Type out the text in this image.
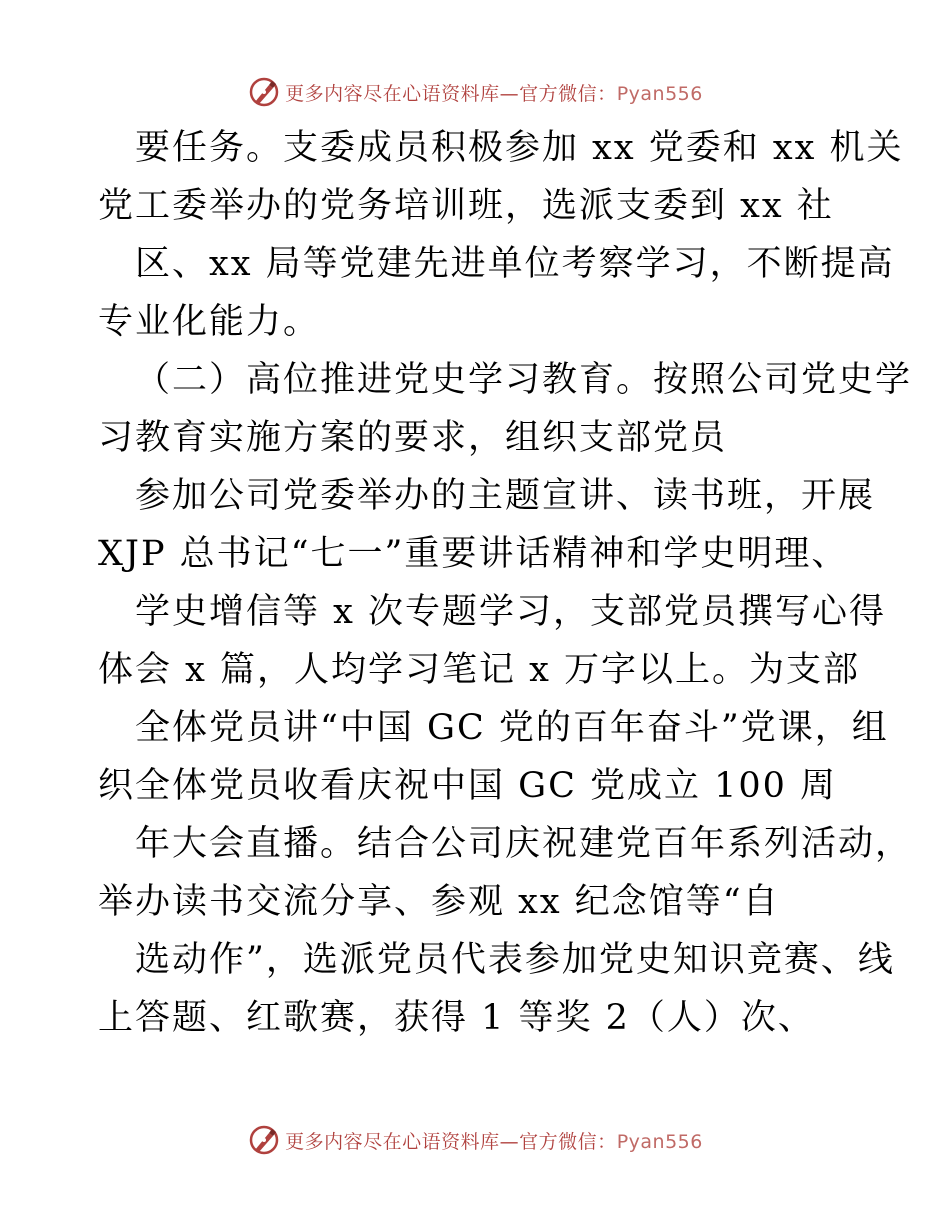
更多内容尽在心语资料库—官方微信：Pyan556
要任务。支委成员积极参加 xx 党委和 xx 机关
党工委举办的党务培训班，选派支委到 xx 社
区、xx 局等党建先进单位考察学习，不断提高
专业化能力。
（二）高位推进党史学习教育。按照公司党史学
习教育实施方案的要求，组织支部党员
参加公司党委举办的主题宣讲、读书班，开展
XJP 总书记“七一”重要讲话精神和学史明理、
学史增信等 x 次专题学习，支部党员撰写心得
体会 x 篇，人均学习笔记 x 万字以上。为支部
全体党员讲“中国 GC 党的百年奋斗”党课，组
织全体党员收看庆祝中国 GC 党成立 100 周
年大会直播。结合公司庆祝建党百年系列活动，
举办读书交流分享、参观 xx 纪念馆等“自
选动作”，选派党员代表参加党史知识竞赛、线
上答题、红歌赛，获得 1 等奖 2（人）次、
更多内容尽在心语资料库—官方微信：Pyan556
